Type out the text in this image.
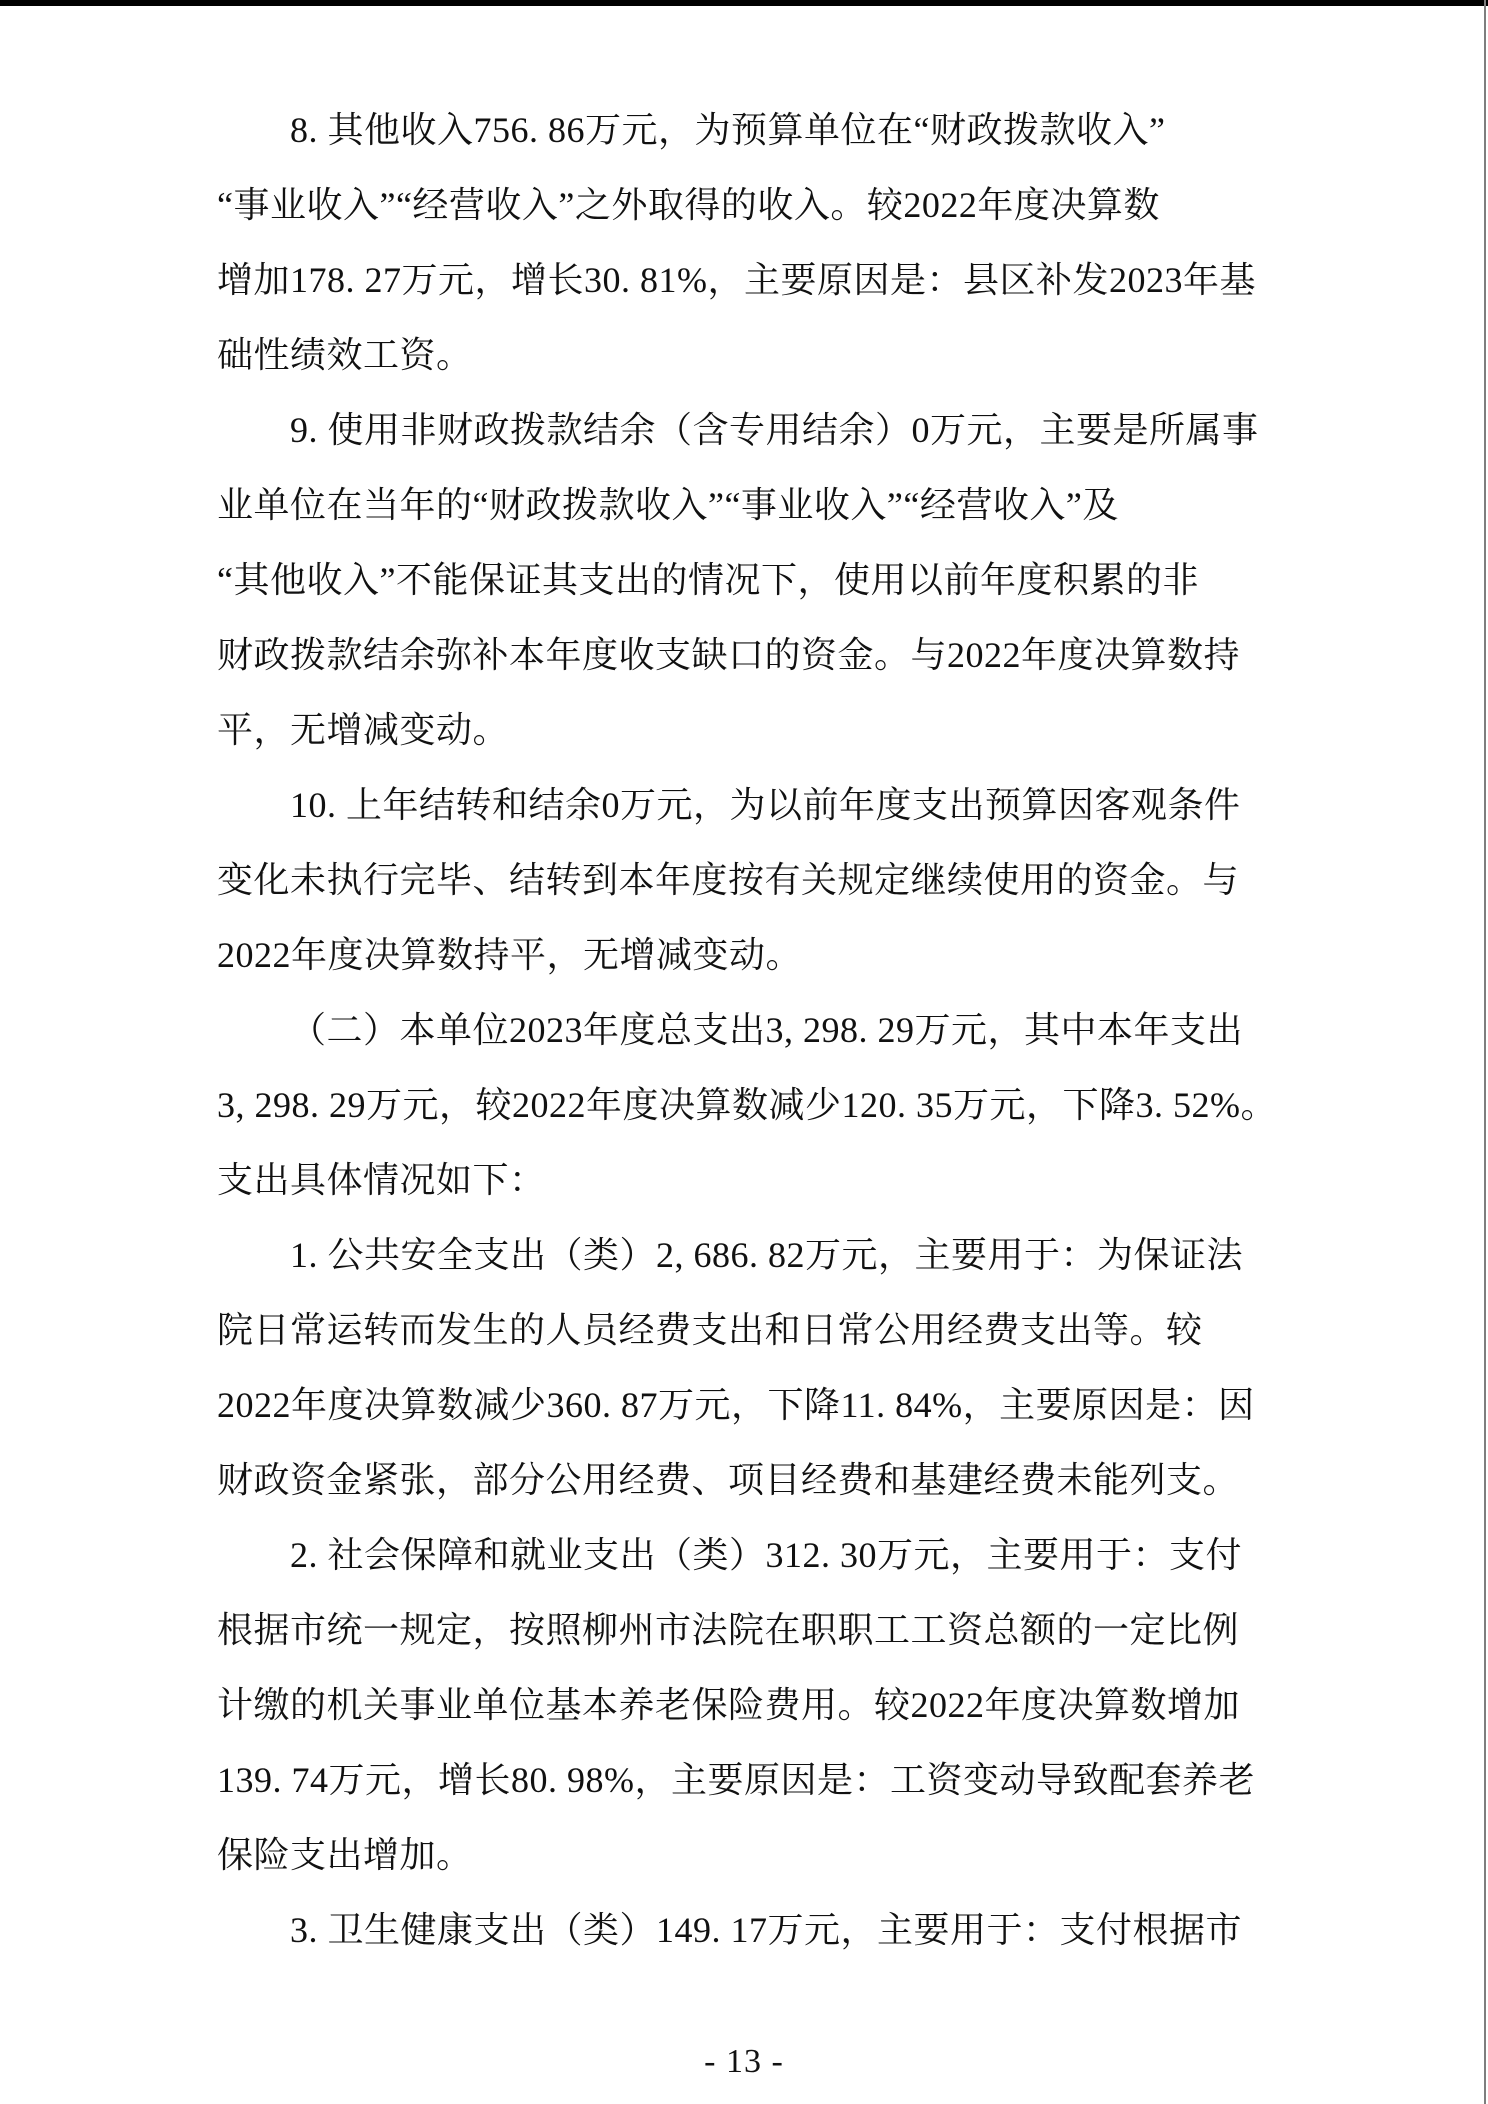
8. 其他收入756. 86万元，为预算单位在“财政拨款收入”
“事业收入”“经营收入”之外取得的收入。较2022年度决算数
增加178. 27万元，增长30. 81%，主要原因是：县区补发2023年基
础性绩效工资。
9. 使用非财政拨款结余（含专用结余）0万元，主要是所属事
业单位在当年的“财政拨款收入”“事业收入”“经营收入”及
“其他收入”不能保证其支出的情况下，使用以前年度积累的非
财政拨款结余弥补本年度收支缺口的资金。与2022年度决算数持
平，无增减变动。
10. 上年结转和结余0万元，为以前年度支出预算因客观条件
变化未执行完毕、结转到本年度按有关规定继续使用的资金。与
2022年度决算数持平，无增减变动。
（二）本单位2023年度总支出3, 298. 29万元，其中本年支出
3, 298. 29万元，较2022年度决算数减少120. 35万元，下降3. 52%。
支出具体情况如下：
1. 公共安全支出（类）2, 686. 82万元，主要用于：为保证法
院日常运转而发生的人员经费支出和日常公用经费支出等。较
2022年度决算数减少360. 87万元，下降11. 84%，主要原因是：因
财政资金紧张，部分公用经费、项目经费和基建经费未能列支。
2. 社会保障和就业支出（类）312. 30万元，主要用于：支付
根据市统一规定，按照柳州市法院在职职工工资总额的一定比例
计缴的机关事业单位基本养老保险费用。较2022年度决算数增加
139. 74万元，增长80. 98%，主要原因是：工资变动导致配套养老
保险支出增加。
3. 卫生健康支出（类）149. 17万元，主要用于：支付根据市
- 13 -
